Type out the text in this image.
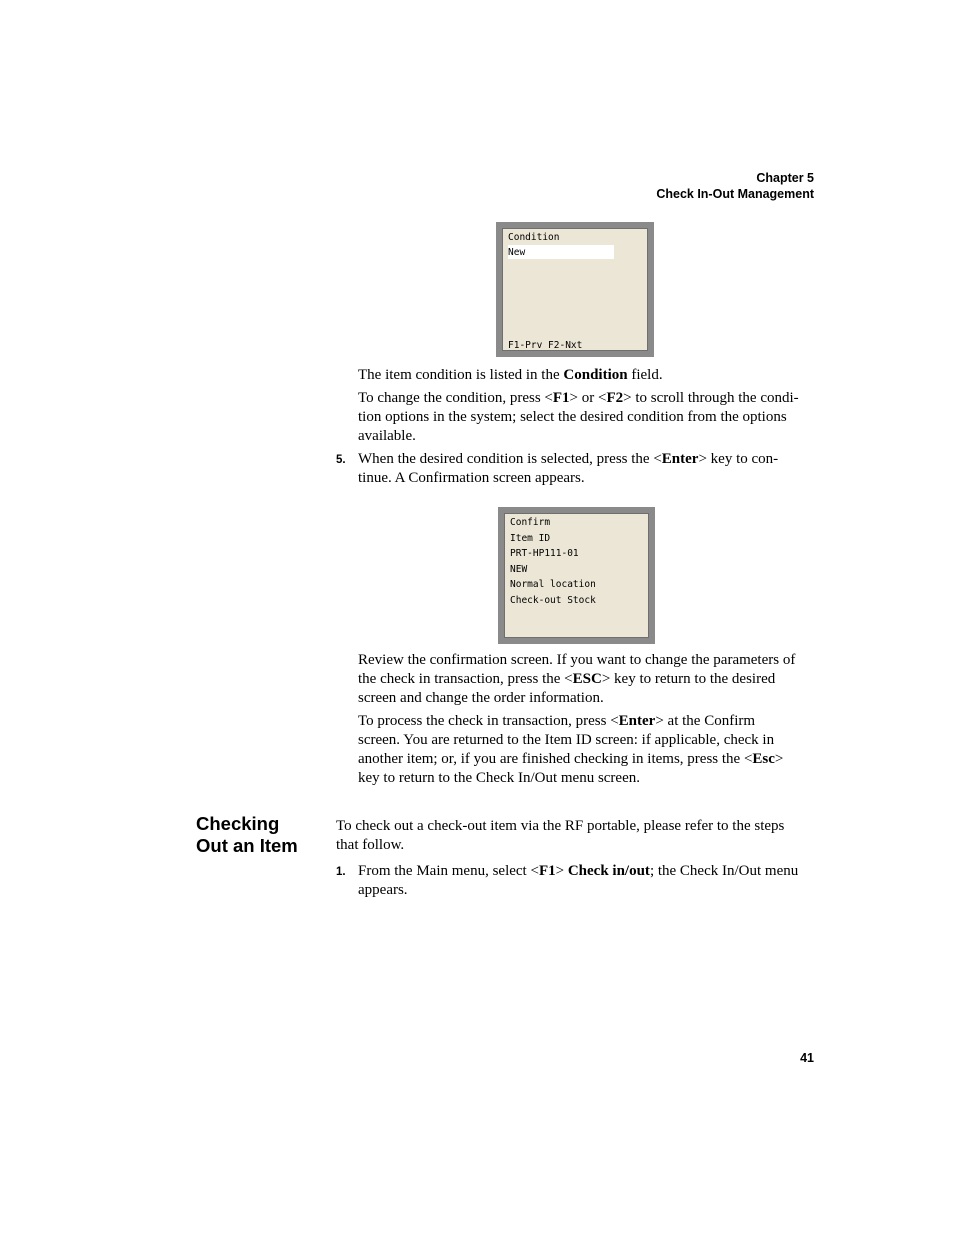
Chapter 5
Check In-Out Management
Condition
New
F1-Prv F2-Nxt

The item condition is listed in the Condition field.

To change the condition, press <F1> or <F2> to scroll through the condi-
tion options in the system; select the desired condition from the options
available.
5. When the desired condition is selected, press the <Enter> key to con-
tinue. A Confirmation screen appears.
Confirm
Item ID
PRT-HP111-01
NEW
Normal location
Check-out Stock
Review the confirmation screen. If you want to change the parameters of
the check in transaction, press the <ESC> key to return to the desired
screen and change the order information.
To process the check in transaction, press <Enter> at the Confirm
screen. You are returned to the Item ID screen: if applicable, check in
another item; or, if you are finished checking in items, press the <Esc>
key to return to the Check In/Out menu screen.
Checking
Out an Item
To check out a check-out item via the RF portable, please refer to the steps
that follow.
1. From the Main menu, select <F1> Check in/out; the Check In/Out menu
appears.
41
